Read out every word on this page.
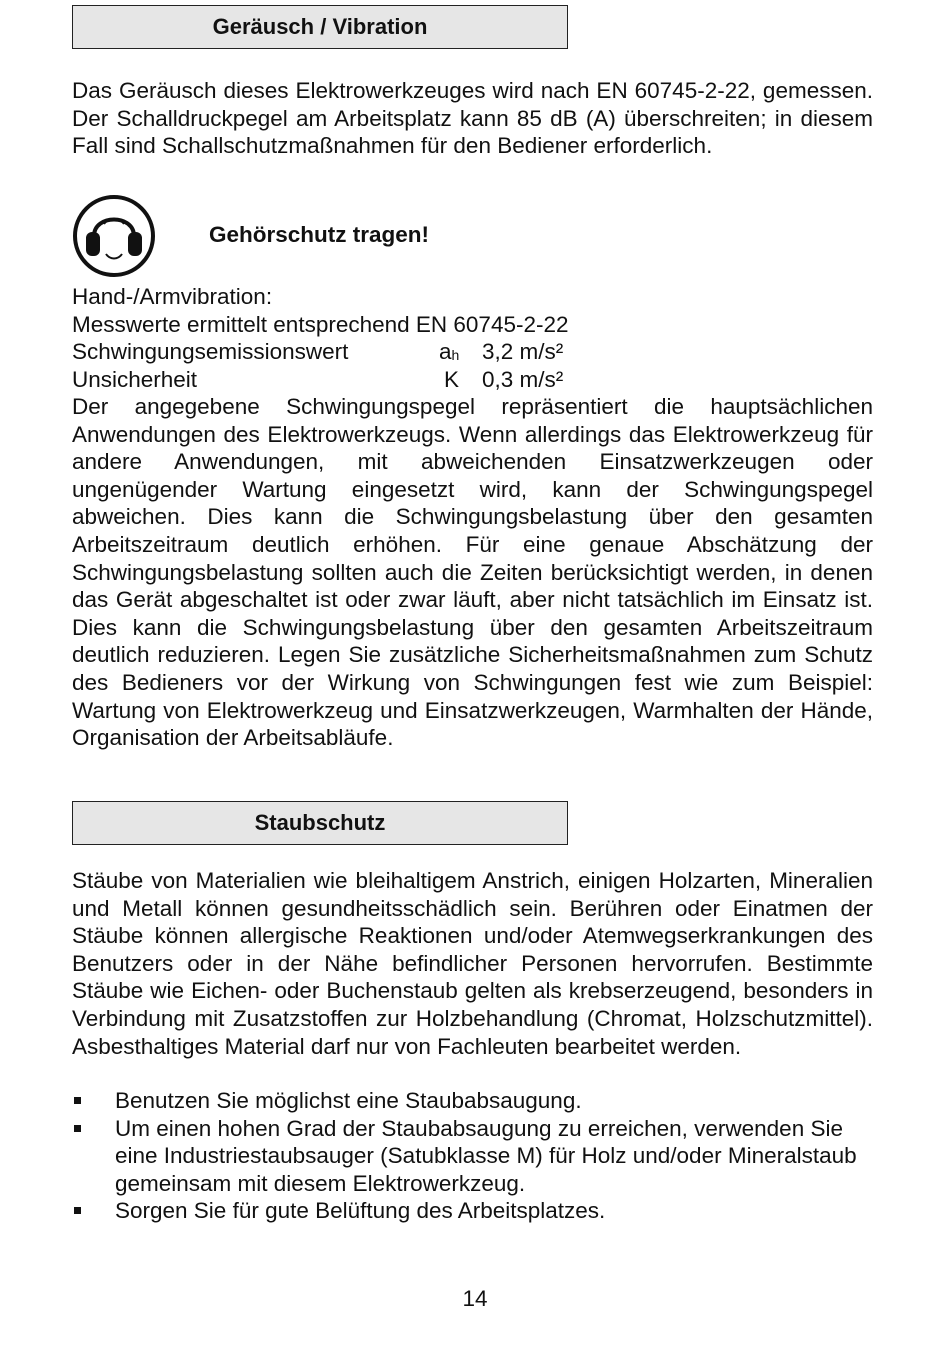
Geräusch / Vibration
Das Geräusch dieses Elektrowerkzeuges wird nach EN 60745-2-22, gemessen. Der Schalldruckpegel am Arbeitsplatz kann 85 dB (A) überschreiten; in diesem Fall sind Schallschutzmaßnahmen für den Bediener erforderlich.
Gehörschutz tragen!
Hand-/Armvibration:
Messwerte ermittelt entsprechend EN 60745-2-22
Schwingungsemissionswert	$a_h$ 3,2 m/s²
Unsicherheit	K 0,3 m/s²
Der angegebene Schwingungspegel repräsentiert die hauptsächlichen Anwendungen des Elektrowerkzeugs. Wenn allerdings das Elektrowerkzeug für andere Anwendungen, mit abweichenden Einsatzwerkzeugen oder ungenügender Wartung eingesetzt wird, kann der Schwingungspegel abweichen. Dies kann die Schwingungsbelastung über den gesamten Arbeitszeitraum deutlich erhöhen. Für eine genaue Abschätzung der Schwingungsbelastung sollten auch die Zeiten berücksichtigt werden, in denen das Gerät abgeschaltet ist oder zwar läuft, aber nicht tatsächlich im Einsatz ist. Dies kann die Schwingungsbelastung über den gesamten Arbeitszeitraum deutlich reduzieren. Legen Sie zusätzliche Sicherheitsmaßnahmen zum Schutz des Bedieners vor der Wirkung von Schwingungen fest wie zum Beispiel: Wartung von Elektrowerkzeug und Einsatzwerkzeugen, Warmhalten der Hände, Organisation der Arbeitsabläufe.
Staubschutz
Stäube von Materialien wie bleihaltigem Anstrich, einigen Holzarten, Mineralien und Metall können gesundheitsschädlich sein. Berühren oder Einatmen der Stäube können allergische Reaktionen und/oder Atemwegserkrankungen des Benutzers oder in der Nähe befindlicher Personen hervorrufen. Bestimmte Stäube wie Eichen- oder Buchenstaub gelten als krebserzeugend, besonders in Verbindung mit Zusatzstoffen zur Holzbehandlung (Chromat, Holzschutzmittel). Asbesthaltiges Material darf nur von Fachleuten bearbeitet werden.
Benutzen Sie möglichst eine Staubabsaugung.
Um einen hohen Grad der Staubabsaugung zu erreichen, verwenden Sie eine Industriestaubsauger (Satubklasse M) für Holz und/oder Mineralstaub gemeinsam mit diesem Elektrowerkzeug.
Sorgen Sie für gute Belüftung des Arbeitsplatzes.
14
